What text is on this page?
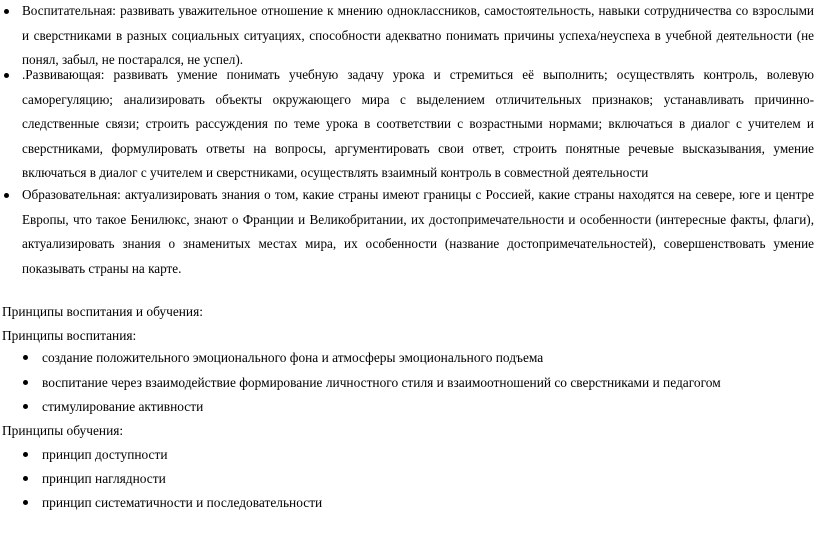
Воспитательная: развивать уважительное отношение к мнению одноклассников, самостоятельность, навыки сотрудничества со взрослыми и сверстниками в разных социальных ситуациях, способности адекватно понимать причины успеха/неуспеха в учебной деятельности (не понял, забыл, не постарался, не успел).
.Развивающая: развивать умение понимать учебную задачу урока и стремиться её выполнить; осуществлять контроль, волевую саморегуляцию; анализировать объекты окружающего мира с выделением отличительных признаков; устанавливать причинно-следственные связи; строить рассуждения по теме урока в соответствии с возрастными нормами; включаться в диалог с учителем и сверстниками, формулировать ответы на вопросы, аргументировать свои ответ, строить понятные речевые высказывания, умение включаться в диалог с учителем и сверстниками, осуществлять взаимный контроль в совместной деятельности
Образовательная: актуализировать знания о том, какие страны имеют границы с Россией, какие страны находятся на севере, юге и центре Европы, что такое Бенилюкс, знают о Франции и Великобритании, их достопримечательности и особенности (интересные факты, флаги), актуализировать знания о знаменитых местах мира, их особенности (название достопримечательностей), совершенствовать умение показывать страны на карте.
Принципы воспитания и обучения:
Принципы воспитания:
создание положительного эмоционального фона и атмосферы эмоционального подъема
воспитание через взаимодействие формирование личностного стиля и взаимоотношений со сверстниками и педагогом
стимулирование активности
Принципы обучения:
принцип доступности
принцип наглядности
принцип систематичности и последовательности
